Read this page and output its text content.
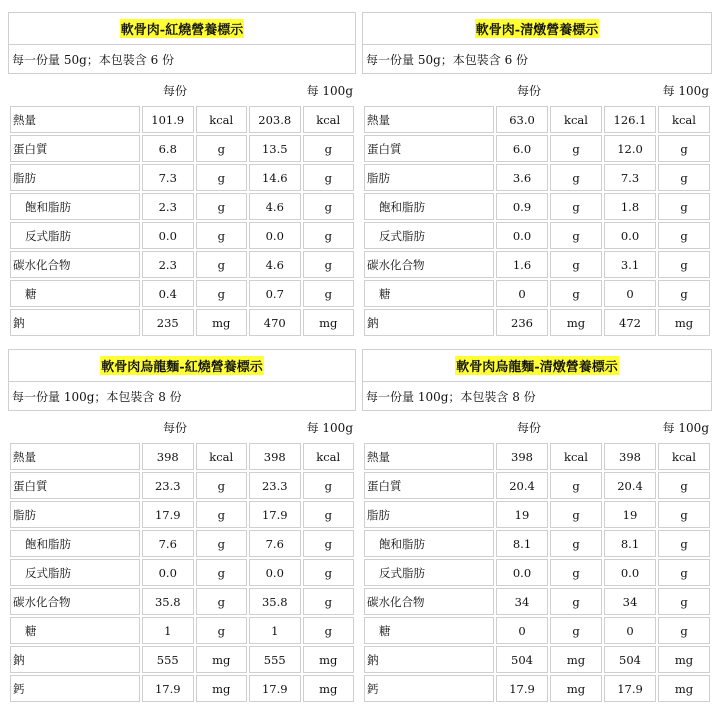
軟骨肉-紅燒營養標示
每一份量 50g；本包裝含 6 份
每份	每 100g
熱量	101.9	kcal	203.8	kcal
蛋白質	6.8	g	13.5	g
脂肪	7.3	g	14.6	g
飽和脂肪	2.3	g	4.6	g
反式脂肪	0.0	g	0.0	g
碳水化合物	2.3	g	4.6	g
糖	0.4	g	0.7	g
鈉	235	mg	470	mg
軟骨肉-清燉營養標示
每一份量 50g；本包裝含 6 份
每份	每 100g
熱量	63.0	kcal	126.1	kcal
蛋白質	6.0	g	12.0	g
脂肪	3.6	g	7.3	g
飽和脂肪	0.9	g	1.8	g
反式脂肪	0.0	g	0.0	g
碳水化合物	1.6	g	3.1	g
糖	0	g	0	g
鈉	236	mg	472	mg
軟骨肉烏龍麵-紅燒營養標示
每一份量 100g；本包裝含 8 份
每份	每 100g
熱量	398	kcal	398	kcal
蛋白質	23.3	g	23.3	g
脂肪	17.9	g	17.9	g
飽和脂肪	7.6	g	7.6	g
反式脂肪	0.0	g	0.0	g
碳水化合物	35.8	g	35.8	g
糖	1	g	1	g
鈉	555	mg	555	mg
鈣	17.9	mg	17.9	mg
軟骨肉烏龍麵-清燉營養標示
每一份量 100g；本包裝含 8 份
每份	每 100g
熱量	398	kcal	398	kcal
蛋白質	20.4	g	20.4	g
脂肪	19	g	19	g
飽和脂肪	8.1	g	8.1	g
反式脂肪	0.0	g	0.0	g
碳水化合物	34	g	34	g
糖	0	g	0	g
鈉	504	mg	504	mg
鈣	17.9	mg	17.9	mg
